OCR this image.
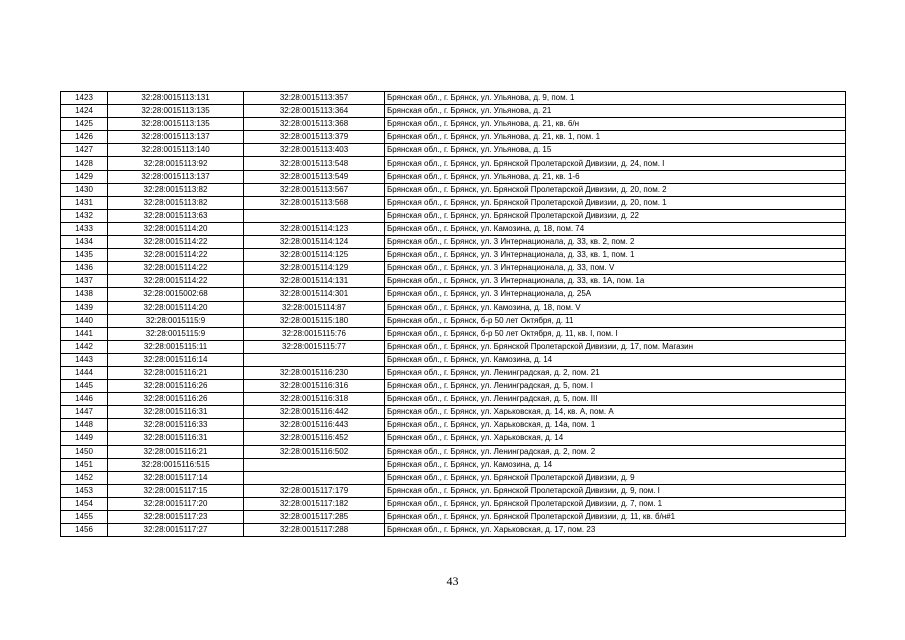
1423	32:28:0015113:131	32:28:0015113:357	Брянская обл., г. Брянск, ул. Ульянова, д. 9, пом. 1
1424	32:28:0015113:135	32:28:0015113:364	Брянская обл., г. Брянск, ул. Ульянова, д. 21
1425	32:28:0015113:135	32:28:0015113:368	Брянская обл., г. Брянск, ул. Ульянова, д. 21, кв. 6/н
1426	32:28:0015113:137	32:28:0015113:379	Брянская обл., г. Брянск, ул. Ульянова, д. 21, кв. 1, пом. 1
1427	32:28:0015113:140	32:28:0015113:403	Брянская обл., г. Брянск, ул. Ульянова, д. 15
1428	32:28:0015113:92	32:28:0015113:548	Брянская обл., г. Брянск, ул. Брянской Пролетарской Дивизии, д. 24, пом. I
1429	32:28:0015113:137	32:28:0015113:549	Брянская обл., г. Брянск, ул. Ульянова, д. 21, кв. 1-6
1430	32:28:0015113:82	32:28:0015113:567	Брянская обл., г. Брянск, ул. Брянской Пролетарской Дивизии, д. 20, пом. 2
1431	32:28:0015113:82	32:28:0015113:568	Брянская обл., г. Брянск, ул. Брянской Пролетарской Дивизии, д. 20, пом. 1
1432	32:28:0015113:63		Брянская обл., г. Брянск, ул. Брянской Пролетарской Дивизии, д. 22
1433	32:28:0015114:20	32:28:0015114:123	Брянская обл., г. Брянск, ул. Камозина, д. 18, пом. 74
1434	32:28:0015114:22	32:28:0015114:124	Брянская обл., г. Брянск, ул. 3 Интернационала, д. 33, кв. 2, пом. 2
1435	32:28:0015114:22	32:28:0015114:125	Брянская обл., г. Брянск, ул. 3 Интернационала, д. 33, кв. 1, пом. 1
1436	32:28:0015114:22	32:28:0015114:129	Брянская обл., г. Брянск, ул. 3 Интернационала, д. 33, пом. V
1437	32:28:0015114:22	32:28:0015114:131	Брянская обл., г. Брянск, ул. 3 Интернационала, д. 33, кв. 1А, пом. 1а
1438	32:28:0015002:68	32:28:0015114:301	Брянская обл., г. Брянск, ул. 3 Интернационала, д. 25А
1439	32:28:0015114:20	32:28:0015114:87	Брянская обл., г. Брянск, ул. Камозина, д. 18, пом. V
1440	32:28:0015115:9	32:28:0015115:180	Брянская обл., г. Брянск, б-р 50 лет Октября, д. 11
1441	32:28:0015115:9	32:28:0015115:76	Брянская обл., г. Брянск, б-р 50 лет Октября, д. 11, кв. I, пом. I
1442	32:28:0015115:11	32:28:0015115:77	Брянская обл., г. Брянск, ул. Брянской Пролетарской Дивизии, д. 17, пом. Магазин
1443	32:28:0015116:14		Брянская обл., г. Брянск, ул. Камозина, д. 14
1444	32:28:0015116:21	32:28:0015116:230	Брянская обл., г. Брянск, ул. Ленинградская, д. 2, пом. 21
1445	32:28:0015116:26	32:28:0015116:316	Брянская обл., г. Брянск, ул. Ленинградская, д. 5, пом. I
1446	32:28:0015116:26	32:28:0015116:318	Брянская обл., г. Брянск, ул. Ленинградская, д. 5, пом. III
1447	32:28:0015116:31	32:28:0015116:442	Брянская обл., г. Брянск, ул. Харьковская, д. 14, кв. А, пом. А
1448	32:28:0015116:33	32:28:0015116:443	Брянская обл., г. Брянск, ул. Харьковская, д. 14а, пом. 1
1449	32:28:0015116:31	32:28:0015116:452	Брянская обл., г. Брянск, ул. Харьковская, д. 14
1450	32:28:0015116:21	32:28:0015116:502	Брянская обл., г. Брянск, ул. Ленинградская, д. 2, пом. 2
1451	32:28:0015116:515		Брянская обл., г. Брянск, ул. Камозина, д. 14
1452	32:28:0015117:14		Брянская обл., г. Брянск, ул. Брянской Пролетарской Дивизии, д. 9
1453	32:28:0015117:15	32:28:0015117:179	Брянская обл., г. Брянск, ул. Брянской Пролетарской Дивизии, д. 9, пом. I
1454	32:28:0015117:20	32:28:0015117:182	Брянская обл., г. Брянск, ул. Брянской Пролетарской Дивизии, д. 7, пом. 1
1455	32:28:0015117:23	32:28:0015117:285	Брянская обл., г. Брянск, ул. Брянской Пролетарской Дивизии, д. 11, кв. б/н#1
1456	32:28:0015117:27	32:28:0015117:288	Брянская обл., г. Брянск, ул. Харьковская, д. 17, пом. 23
43
